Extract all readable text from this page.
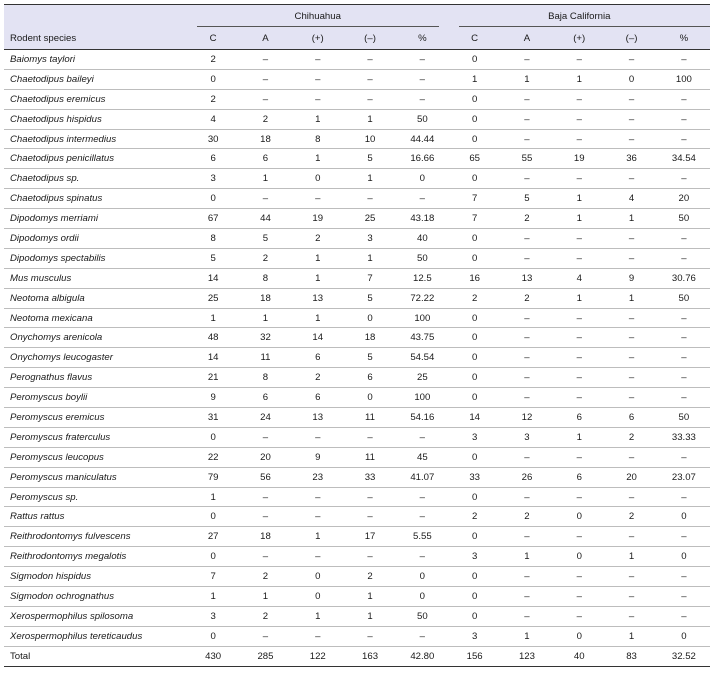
	Chihuahua					Baja California				

Rodent species	C	A	(+)	(–)	%	C	A	(+)	(–)	%
Baiomys taylori	2	–	–	–	–	0	–	–	–	–
Chaetodipus baileyi	0	–	–	–	–	1	1	1	0	100
Chaetodipus eremicus	2	–	–	–	–	0	–	–	–	–
Chaetodipus hispidus	4	2	1	1	50	0	–	–	–	–
Chaetodipus intermedius	30	18	8	10	44.44	0	–	–	–	–
Chaetodipus penicillatus	6	6	1	5	16.66	65	55	19	36	34.54
Chaetodipus sp.	3	1	0	1	0	0	–	–	–	–
Chaetodipus spinatus	0	–	–	–	–	7	5	1	4	20
Dipodomys merriami	67	44	19	25	43.18	7	2	1	1	50
Dipodomys ordii	8	5	2	3	40	0	–	–	–	–
Dipodomys spectabilis	5	2	1	1	50	0	–	–	–	–
Mus musculus	14	8	1	7	12.5	16	13	4	9	30.76
Neotoma albigula	25	18	13	5	72.22	2	2	1	1	50
Neotoma mexicana	1	1	1	0	100	0	–	–	–	–
Onychomys arenicola	48	32	14	18	43.75	0	–	–	–	–
Onychomys leucogaster	14	11	6	5	54.54	0	–	–	–	–
Perognathus flavus	21	8	2	6	25	0	–	–	–	–
Peromyscus boylii	9	6	6	0	100	0	–	–	–	–
Peromyscus eremicus	31	24	13	11	54.16	14	12	6	6	50
Peromyscus fraterculus	0	–	–	–	–	3	3	1	2	33.33
Peromyscus leucopus	22	20	9	11	45	0	–	–	–	–
Peromyscus maniculatus	79	56	23	33	41.07	33	26	6	20	23.07
Peromyscus sp.	1	–	–	–	–	0	–	–	–	–
Rattus rattus	0	–	–	–	–	2	2	0	2	0
Reithrodontomys fulvescens	27	18	1	17	5.55	0	–	–	–	–
Reithrodontomys megalotis	0	–	–	–	–	3	1	0	1	0
Sigmodon hispidus	7	2	0	2	0	0	–	–	–	–
Sigmodon ochrognathus	1	1	0	1	0	0	–	–	–	–
Xerospermophilus spilosoma	3	2	1	1	50	0	–	–	–	–
Xerospermophilus tereticaudus	0	–	–	–	–	3	1	0	1	0
Total	430	285	122	163	42.80	156	123	40	83	32.52
